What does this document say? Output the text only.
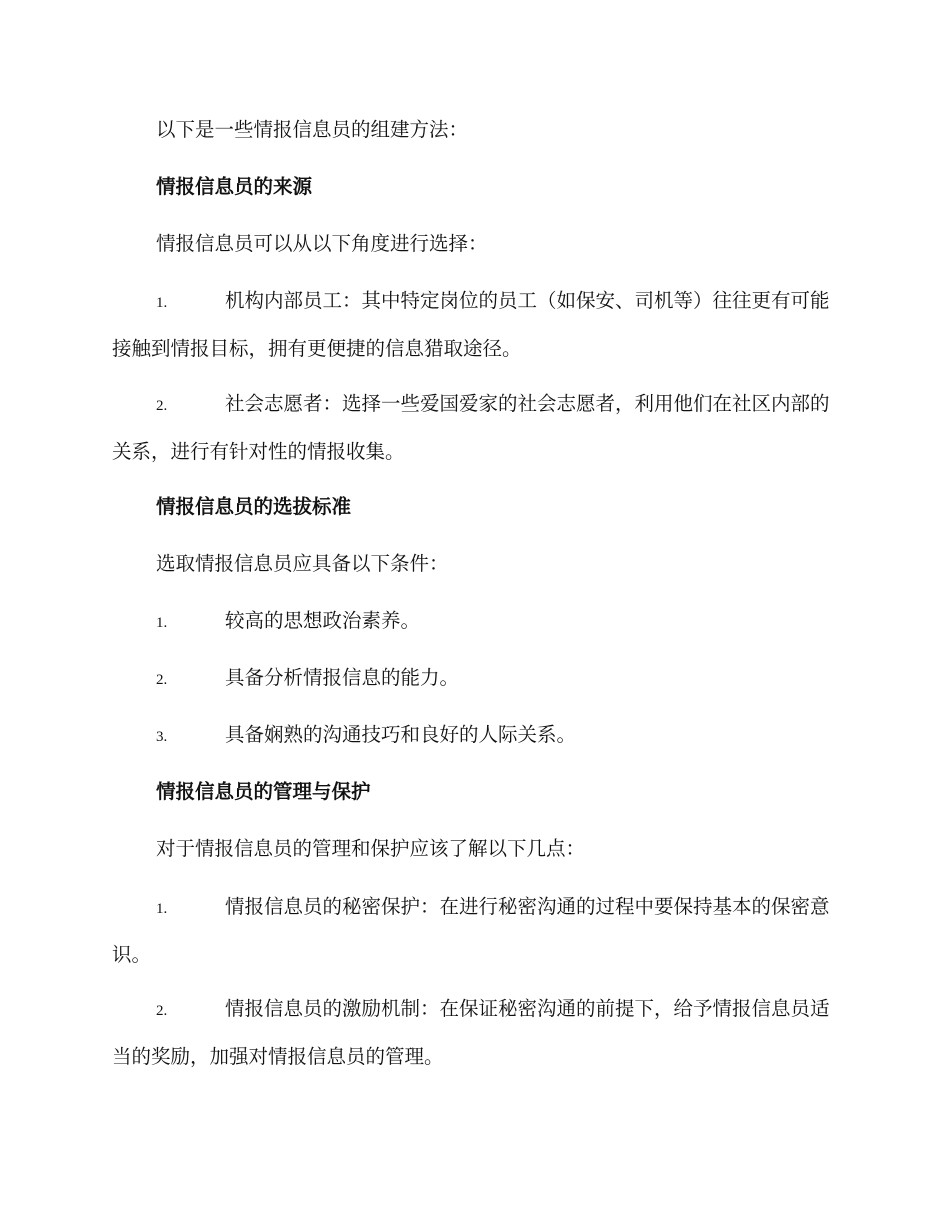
以下是一些情报信息员的组建方法：

情报信息员的来源

情报信息员可以从以下角度进行选择：

1.	机构内部员工：其中特定岗位的员工（如保安、司机等）往往更有可能接触到情报目标，拥有更便捷的信息猎取途径。

2.	社会志愿者：选择一些爱国爱家的社会志愿者，利用他们在社区内部的关系，进行有针对性的情报收集。

情报信息员的选拔标准

选取情报信息员应具备以下条件：

1.	较高的思想政治素养。

2.	具备分析情报信息的能力。

3.	具备娴熟的沟通技巧和良好的人际关系。

情报信息员的管理与保护

对于情报信息员的管理和保护应该了解以下几点：

1.	情报信息员的秘密保护：在进行秘密沟通的过程中要保持基本的保密意识。

2.	情报信息员的激励机制：在保证秘密沟通的前提下，给予情报信息员适当的奖励，加强对情报信息员的管理。
